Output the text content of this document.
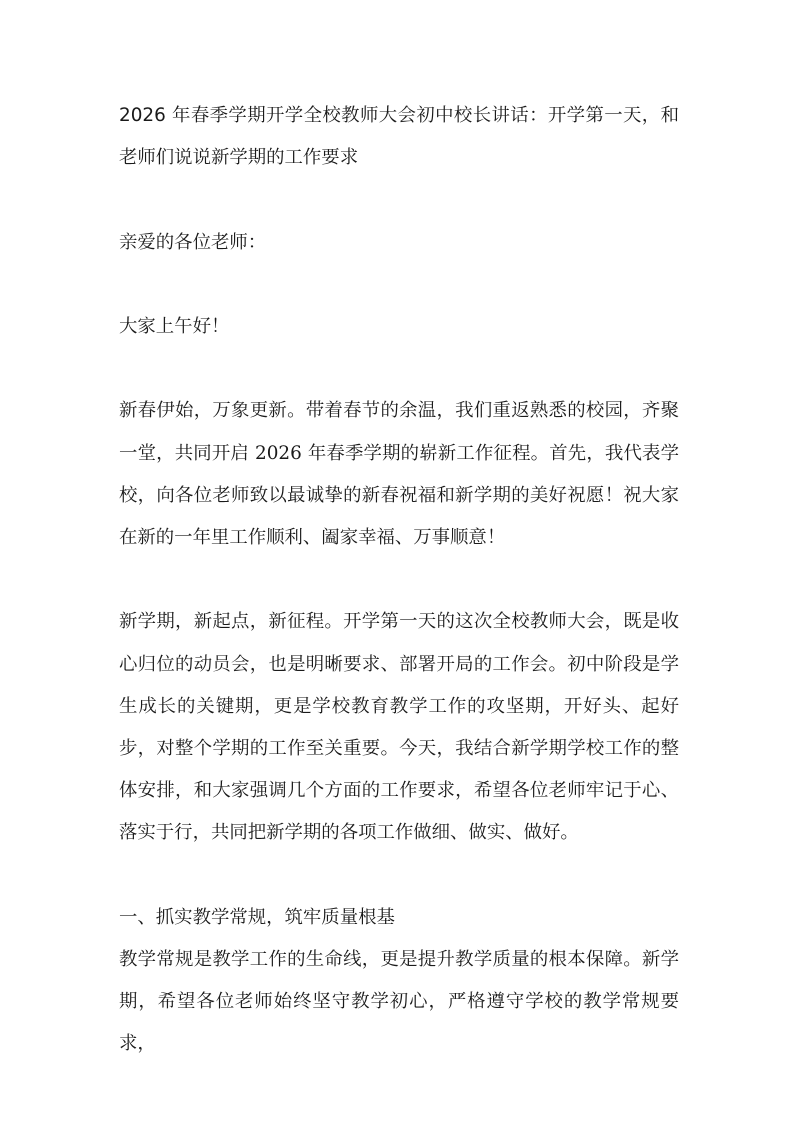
2026 年春季学期开学全校教师大会初中校长讲话：开学第一天，和老师们说说新学期的工作要求

亲爱的各位老师：

大家上午好！

新春伊始，万象更新。带着春节的余温，我们重返熟悉的校园，齐聚一堂，共同开启 2026 年春季学期的崭新工作征程。首先，我代表学校，向各位老师致以最诚挚的新春祝福和新学期的美好祝愿！祝大家在新的一年里工作顺利、阖家幸福、万事顺意！

新学期，新起点，新征程。开学第一天的这次全校教师大会，既是收心归位的动员会，也是明晰要求、部署开局的工作会。初中阶段是学生成长的关键期，更是学校教育教学工作的攻坚期，开好头、起好步，对整个学期的工作至关重要。今天，我结合新学期学校工作的整体安排，和大家强调几个方面的工作要求，希望各位老师牢记于心、落实于行，共同把新学期的各项工作做细、做实、做好。

一、抓实教学常规，筑牢质量根基

教学常规是教学工作的生命线，更是提升教学质量的根本保障。新学期，希望各位老师始终坚守教学初心，严格遵守学校的教学常规要求，
